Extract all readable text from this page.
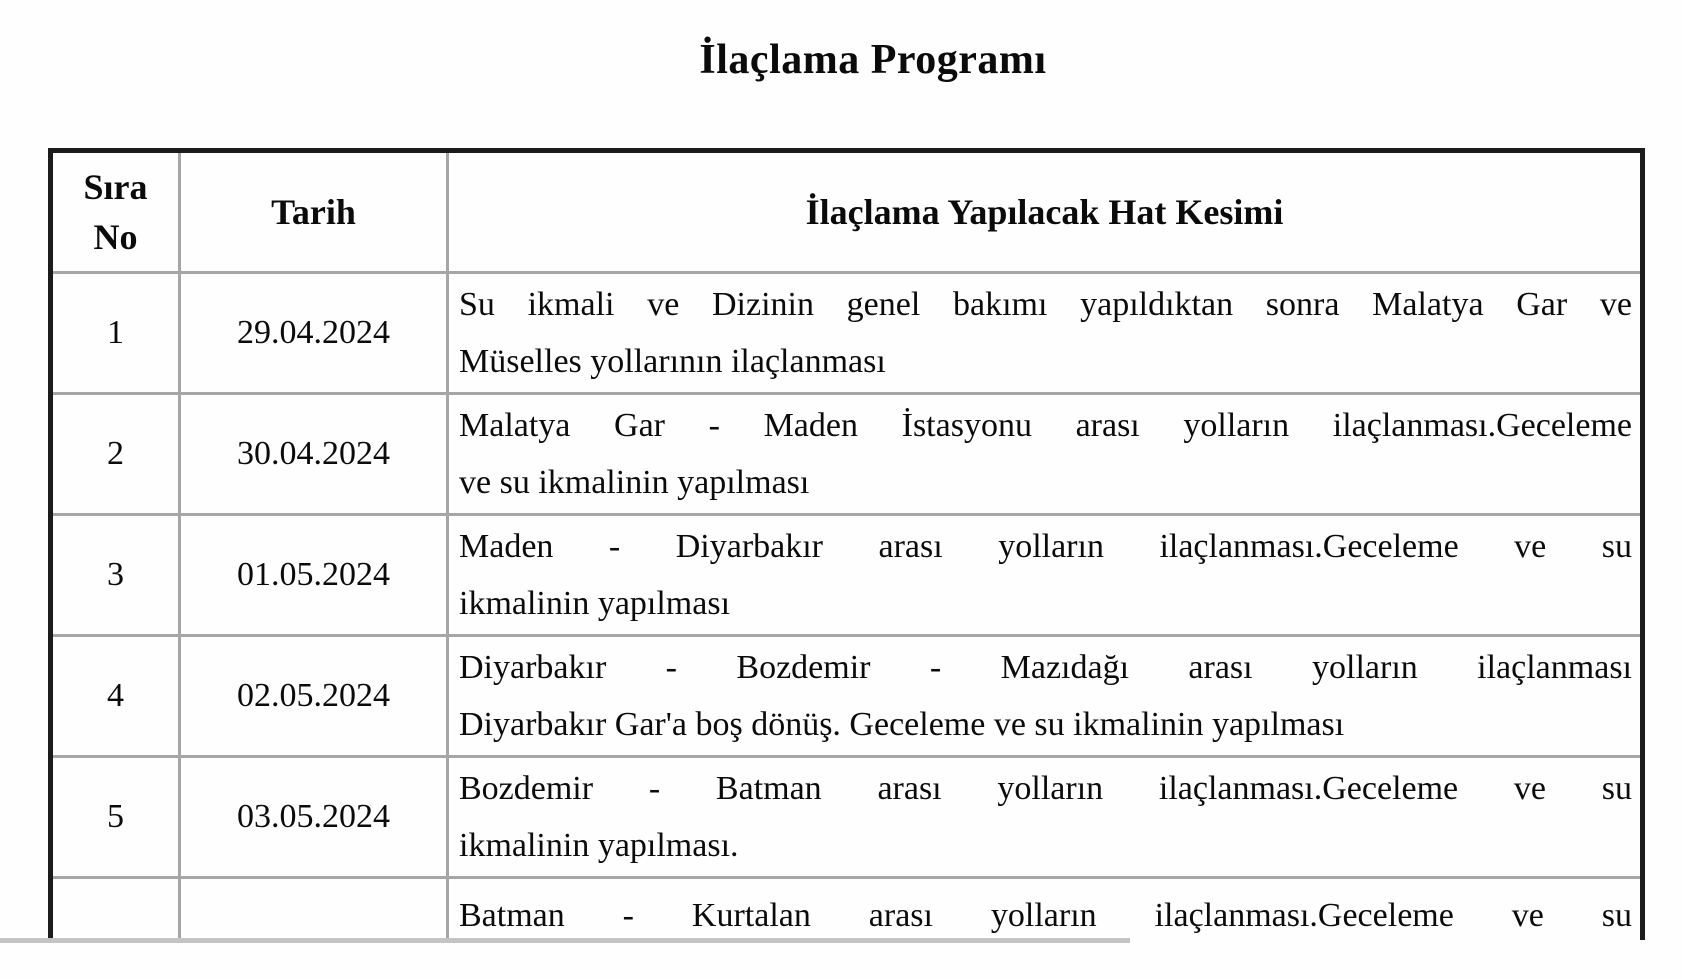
İlaçlama Programı
Sıra No	Tarih	İlaçlama Yapılacak Hat Kesimi
1	29.04.2024	Su ikmali ve Dizinin genel bakımı yapıldıktan sonra Malatya Gar ve
Müselles yollarının ilaçlanması

2	30.04.2024	Malatya Gar - Maden İstasyonu arası yolların ilaçlanması.Geceleme
ve su ikmalinin yapılması

3	01.05.2024	Maden - Diyarbakır arası yolların ilaçlanması.Geceleme ve su
ikmalinin yapılması

4	02.05.2024	Diyarbakır - Bozdemir - Mazıdağı arası yolların ilaçlanması
Diyarbakır Gar'a boş dönüş. Geceleme ve su ikmalinin yapılması

5	03.05.2024	Bozdemir - Batman arası yolların ilaçlanması.Geceleme ve su
ikmalinin yapılması.

		Batman - Kurtalan arası yolların ilaçlanması.Geceleme ve su
